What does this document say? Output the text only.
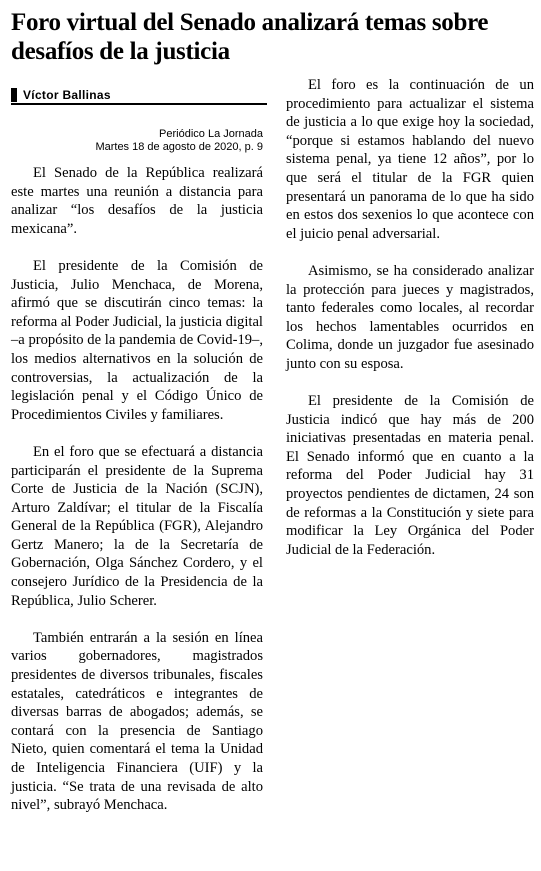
Foro virtual del Senado analizará temas sobre desafíos de la justicia
Víctor Ballinas
Periódico La Jornada
Martes 18 de agosto de 2020, p. 9

El Senado de la República realizará este martes una reunión a distancia para analizar “los desafíos de la justicia mexicana”.

El presidente de la Comisión de Justicia, Julio Menchaca, de Morena, afirmó que se discutirán cinco temas: la reforma al Poder Judicial, la justicia digital –a propósito de la pandemia de Covid-19–, los medios alternativos en la solución de controversias, la actualización de la legislación penal y el Código Único de Procedimientos Civiles y familiares.

En el foro que se efectuará a distancia participarán el presidente de la Suprema Corte de Justicia de la Nación (SCJN), Arturo Zaldívar; el titular de la Fiscalía General de la República (FGR), Alejandro Gertz Manero; la de la Secretaría de Gobernación, Olga Sánchez Cordero, y el consejero Jurídico de la Presidencia de la República, Julio Scherer.

También entrarán a la sesión en línea varios gobernadores, magistrados presidentes de diversos tribunales, fiscales estatales, catedráticos e integrantes de diversas barras de abogados; además, se contará con la presencia de Santiago Nieto, quien comentará el tema la Unidad de Inteligencia Financiera (UIF) y la justicia. “Se trata de una revisada de alto nivel”, subrayó Menchaca.

El foro es la continuación de un procedimiento para actualizar el sistema de justicia a lo que exige hoy la sociedad, “porque si estamos hablando del nuevo sistema penal, ya tiene 12 años”, por lo que será el titular de la FGR quien presentará un panorama de lo que ha sido en estos dos sexenios lo que acontece con el juicio penal adversarial.

Asimismo, se ha considerado analizar la protección para jueces y magistrados, tanto federales como locales, al recordar los hechos lamentables ocurridos en Colima, donde un juzgador fue asesinado junto con su esposa.

El presidente de la Comisión de Justicia indicó que hay más de 200 iniciativas presentadas en materia penal. El Senado informó que en cuanto a la reforma del Poder Judicial hay 31 proyectos pendientes de dictamen, 24 son de reformas a la Constitución y siete para modificar la Ley Orgánica del Poder Judicial de la Federación.
